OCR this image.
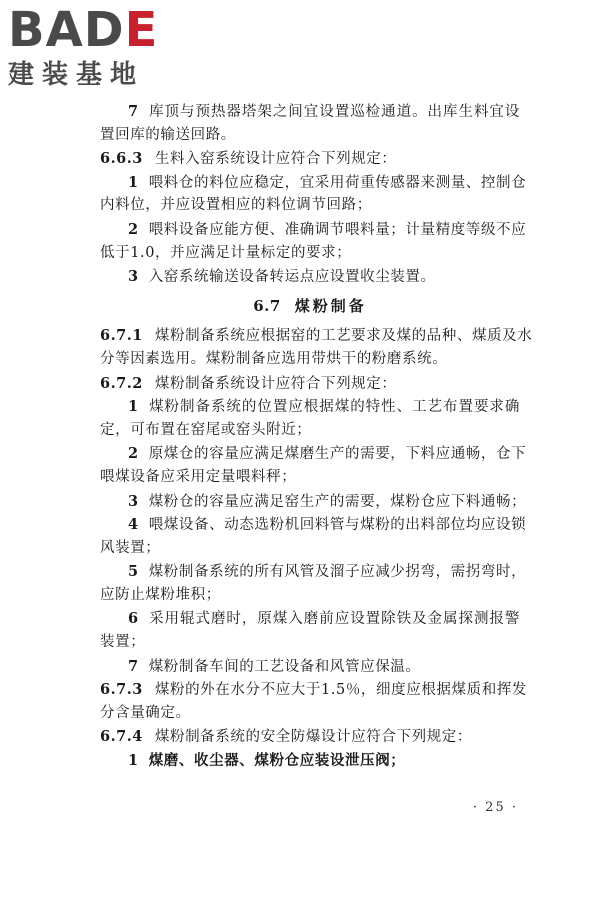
BADE
建装基地
7 库顶与预热器塔架之间宜设置巡检通道。出库生料宜设
置回库的输送回路。
6.6.3 生料入窑系统设计应符合下列规定：
1 喂料仓的料位应稳定，宜采用荷重传感器来测量、控制仓
内料位，并应设置相应的料位调节回路；
2 喂料设备应能方便、准确调节喂料量；计量精度等级不应
低于1.0，并应满足计量标定的要求；
3 入窑系统输送设备转运点应设置收尘装置。
6.7 煤粉制备
6.7.1 煤粉制备系统应根据窑的工艺要求及煤的品种、煤质及水
分等因素选用。煤粉制备应选用带烘干的粉磨系统。
6.7.2 煤粉制备系统设计应符合下列规定：
1 煤粉制备系统的位置应根据煤的特性、工艺布置要求确
定，可布置在窑尾或窑头附近；
2 原煤仓的容量应满足煤磨生产的需要，下料应通畅，仓下
喂煤设备应采用定量喂料秤；
3 煤粉仓的容量应满足窑生产的需要，煤粉仓应下料通畅；
4 喂煤设备、动态选粉机回料管与煤粉的出料部位均应设锁
风装置；
5 煤粉制备系统的所有风管及溜子应减少拐弯，需拐弯时，
应防止煤粉堆积；
6 采用辊式磨时，原煤入磨前应设置除铁及金属探测报警
装置；
7 煤粉制备车间的工艺设备和风管应保温。
6.7.3 煤粉的外在水分不应大于1.5％，细度应根据煤质和挥发
分含量确定。
6.7.4 煤粉制备系统的安全防爆设计应符合下列规定：
1 煤磨、收尘器、煤粉仓应装设泄压阀；
· 25 ·
